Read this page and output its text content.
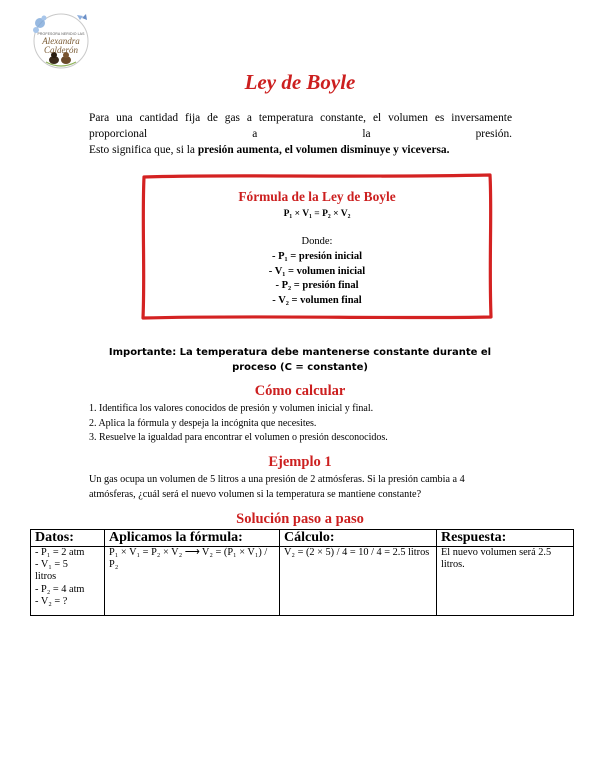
PROFESORA NERIDIO LAS
Alexandra
Calderón
Ley de Boyle
Para una cantidad fija de gas a temperatura constante, el volumen es inversamente
proporcional a la presión.
Esto significa que, si la presión aumenta, el volumen disminuye y viceversa.
Fórmula de la Ley de Boyle
P₁ × V₁ = P₂ × V₂
Donde:
- P₁ = presión inicial
- V₁ = volumen inicial
- P₂ = presión final
- V₂ = volumen final
Importante: La temperatura debe mantenerse constante durante el proceso (C = constante)
Cómo calcular
1. Identifica los valores conocidos de presión y volumen inicial y final.
2. Aplica la fórmula y despeja la incógnita que necesites.
3. Resuelve la igualdad para encontrar el volumen o presión desconocidos.
Ejemplo 1
Un gas ocupa un volumen de 5 litros a una presión de 2 atmósferas. Si la presión cambia a 4 atmósferas, ¿cuál será el nuevo volumen si la temperatura se mantiene constante?
Solución paso a paso
Datos:	Aplicamos la fórmula:	Cálculo:	Respuesta:

- P₁ = 2 atm
- V₁ = 5
litros
- P₂ = 4 atm
- V₂ = ?	P₁ × V₁ = P₂ × V₂ ⟶ V₂ = (P₁ × V₁) / P₂	V₂ = (2 × 5) / 4 = 10 / 4 = 2.5 litros	El nuevo volumen será 2.5 litros.
